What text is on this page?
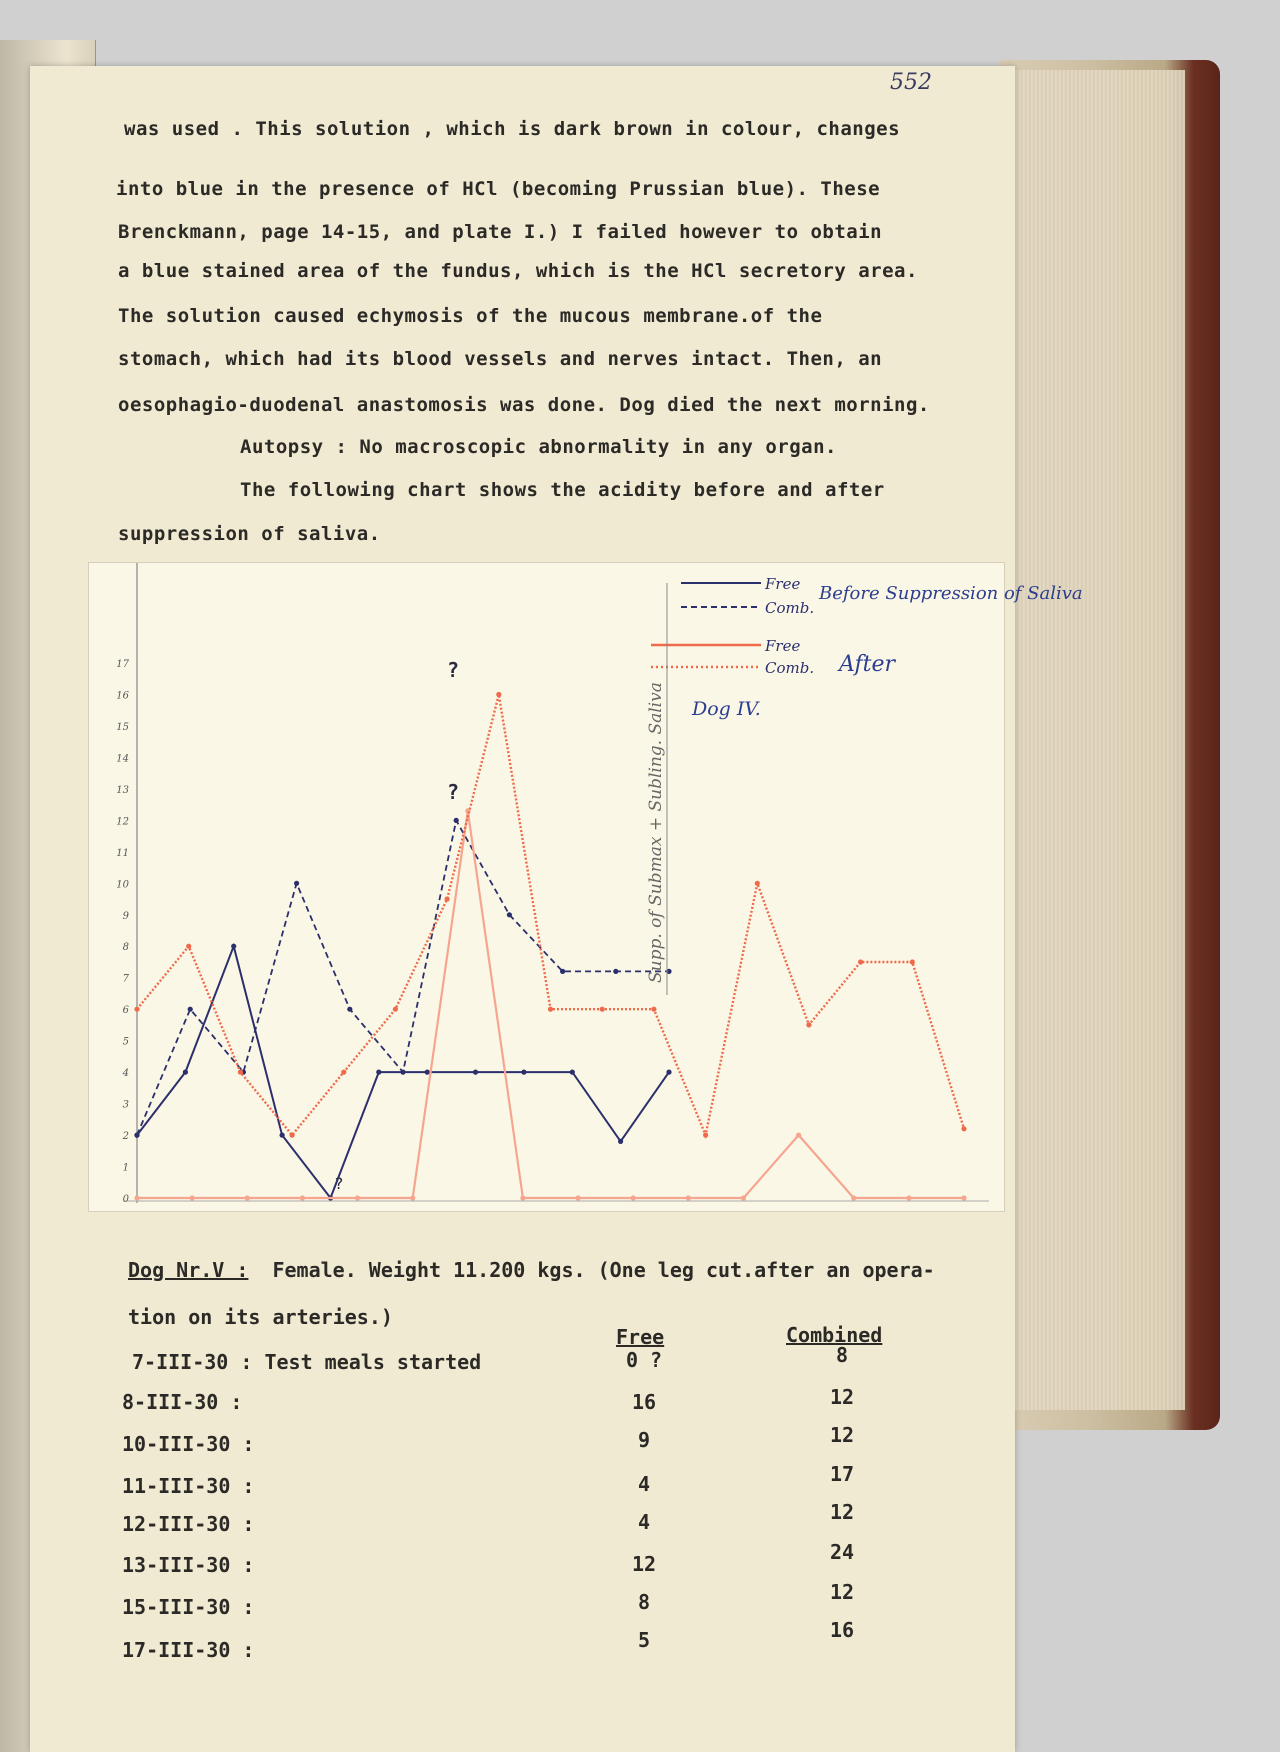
552
was used . This solution , which is dark brown in colour, changes
into blue in the presence of HCl (becoming Prussian blue). These
Brenckmann, page 14-15, and plate I.) I failed however to obtain
a blue stained area of the fundus, which is the HCl secretory area.
The solution caused echymosis of the mucous membrane.of the
stomach, which had its blood vessels and nerves intact. Then, an
oesophagio-duodenal anastomosis was done. Dog died the next morning.
Autopsy : No macroscopic abnormality in any organ.
The following chart shows the acidity before and after
suppression of saliva.
0
1
2
3
4
5
6
7
8
9
10
11
12
13
14
15
16
17
Free
Comb.
Free
Comb.
Before Suppression of Saliva
After
Dog IV.
Supp. of Submax + Subling. Saliva
?
?
?
Dog Nr.V : Female. Weight 11.200 kgs. (One leg cut.after an opera-
tion on its arteries.)
Free	Combined
7-III-30 : Test meals started	0 ?	8
8-III-30 :	16	12
10-III-30 :	9	12
11-III-30 :	4	17
12-III-30 :	4	12
13-III-30 :	12	24
15-III-30 :	8	12
17-III-30 :	5	16
